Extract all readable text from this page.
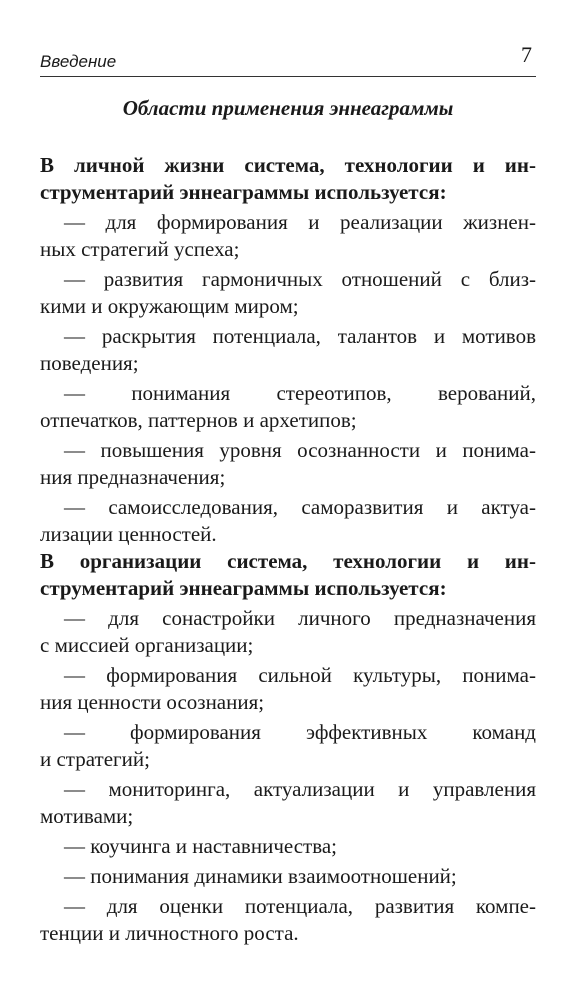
Введение	7
Области применения эннеаграммы
В личной жизни система, технологии и ин-
струментарий эннеаграммы используется:
— для формирования и реализации жизнен-
ных стратегий успеха;
— развития гармоничных отношений с близ-
кими и окружающим миром;
— раскрытия потенциала, талантов и мотивов
поведения;
— понимания стереотипов, верований,
отпечатков, паттернов и архетипов;
— повышения уровня осознанности и понима-
ния предназначения;
— самоисследования, саморазвития и актуа-
лизации ценностей.
В организации система, технологии и ин-
струментарий эннеаграммы используется:
— для сонастройки личного предназначения
с миссией организации;
— формирования сильной культуры, понима-
ния ценности осознания;
— формирования эффективных команд
и стратегий;
— мониторинга, актуализации и управления
мотивами;
— коучинга и наставничества;
— понимания динамики взаимоотношений;
— для оценки потенциала, развития компе-
тенции и личностного роста.
